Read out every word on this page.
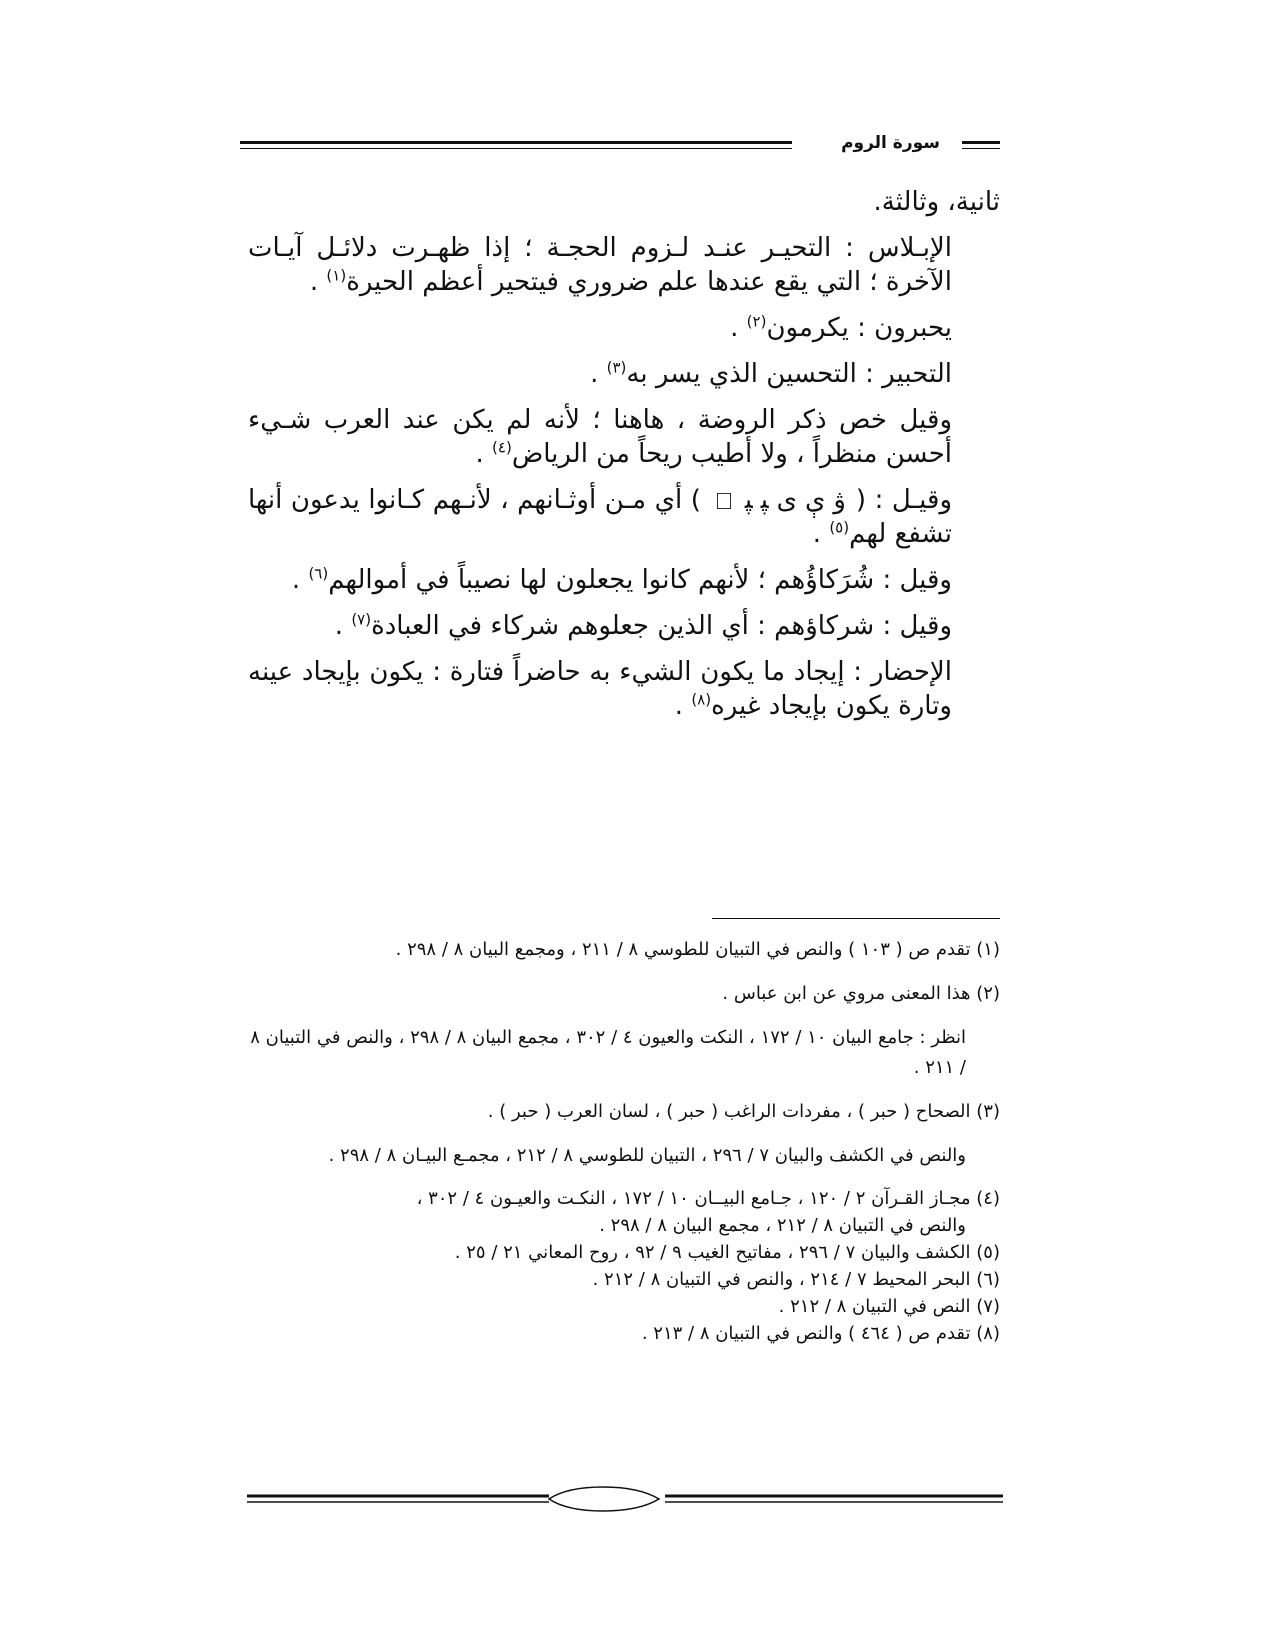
سورة الروم

ثانية، وثالثة.

الإبـلاس : التحيـر عنـد لـزوم الحجـة ؛ إذا ظهـرت دلائـل آيـات الآخرة ؛ التي يقع عندها علم ضروري فيتحير أعظم الحيرة$^{(١)}$ .

يحبرون : يكرمون$^{(٢)}$ .

التحبير : التحسين الذي يسر به$^{(٣)}$ .

وقيل خص ذكر الروضة ، هاهنا ؛ لأنه لم يكن عند العرب شـيء أحسن منظراً ، ولا أطيب ريحاً من الرياض$^{(٤)}$ .

وقيـل : (ۋېىﭙﭙ) أي مـن أوثـانهم ، لأنـهم كـانوا يدعون أنها تشفع لهم$^{(٥)}$ .

وقيل : شُرَكاؤُهم ؛ لأنهم كانوا يجعلون لها نصيباً في أموالهم$^{(٦)}$ .

وقيل : شركاؤهم : أي الذين جعلوهم شركاء في العبادة$^{(٧)}$ .

الإحضار : إيجاد ما يكون الشيء به حاضراً فتارة : يكون بإيجاد عينه وتارة يكون بإيجاد غيره$^{(٨)}$ .

(١) تقدم ص ( ١٠٣ ) والنص في التبيان للطوسي ٨ / ٢١١ ، ومجمع البيان ٨ / ٢٩٨ .

(٢) هذا المعنى مروي عن ابن عباس .

انظر : جامع البيان ١٠ / ١٧٢ ، النكت والعيون ٤ / ٣٠٢ ، مجمع البيان ٨ / ٢٩٨ ، والنص في التبيان ٨ / ٢١١ .

(٣) الصحاح ( حبر ) ، مفردات الراغب ( حبر ) ، لسان العرب ( حبر ) .

والنص في الكشف والبيان ٧ / ٢٩٦ ، التبيان للطوسي ٨ / ٢١٢ ، مجمـع البيـان ٨ / ٢٩٨ .

(٤) مجـاز القـرآن ٢ / ١٢٠ ، جـامع البيــان ١٠ / ١٧٢ ، النكـت والعيـون ٤ / ٣٠٢ ،

والنص في التبيان ٨ / ٢١٢ ، مجمع البيان ٨ / ٢٩٨ .

(٥) الكشف والبيان ٧ / ٢٩٦ ، مفاتيح الغيب ٩ / ٩٢ ، روح المعاني ٢١ / ٢٥ .

(٦) البحر المحيط ٧ / ٢١٤ ، والنص في التبيان ٨ / ٢١٢ .

(٧) النص في التبيان ٨ / ٢١٢ .

(٨) تقدم ص ( ٤٦٤ ) والنص في التبيان ٨ / ٢١٣ .
